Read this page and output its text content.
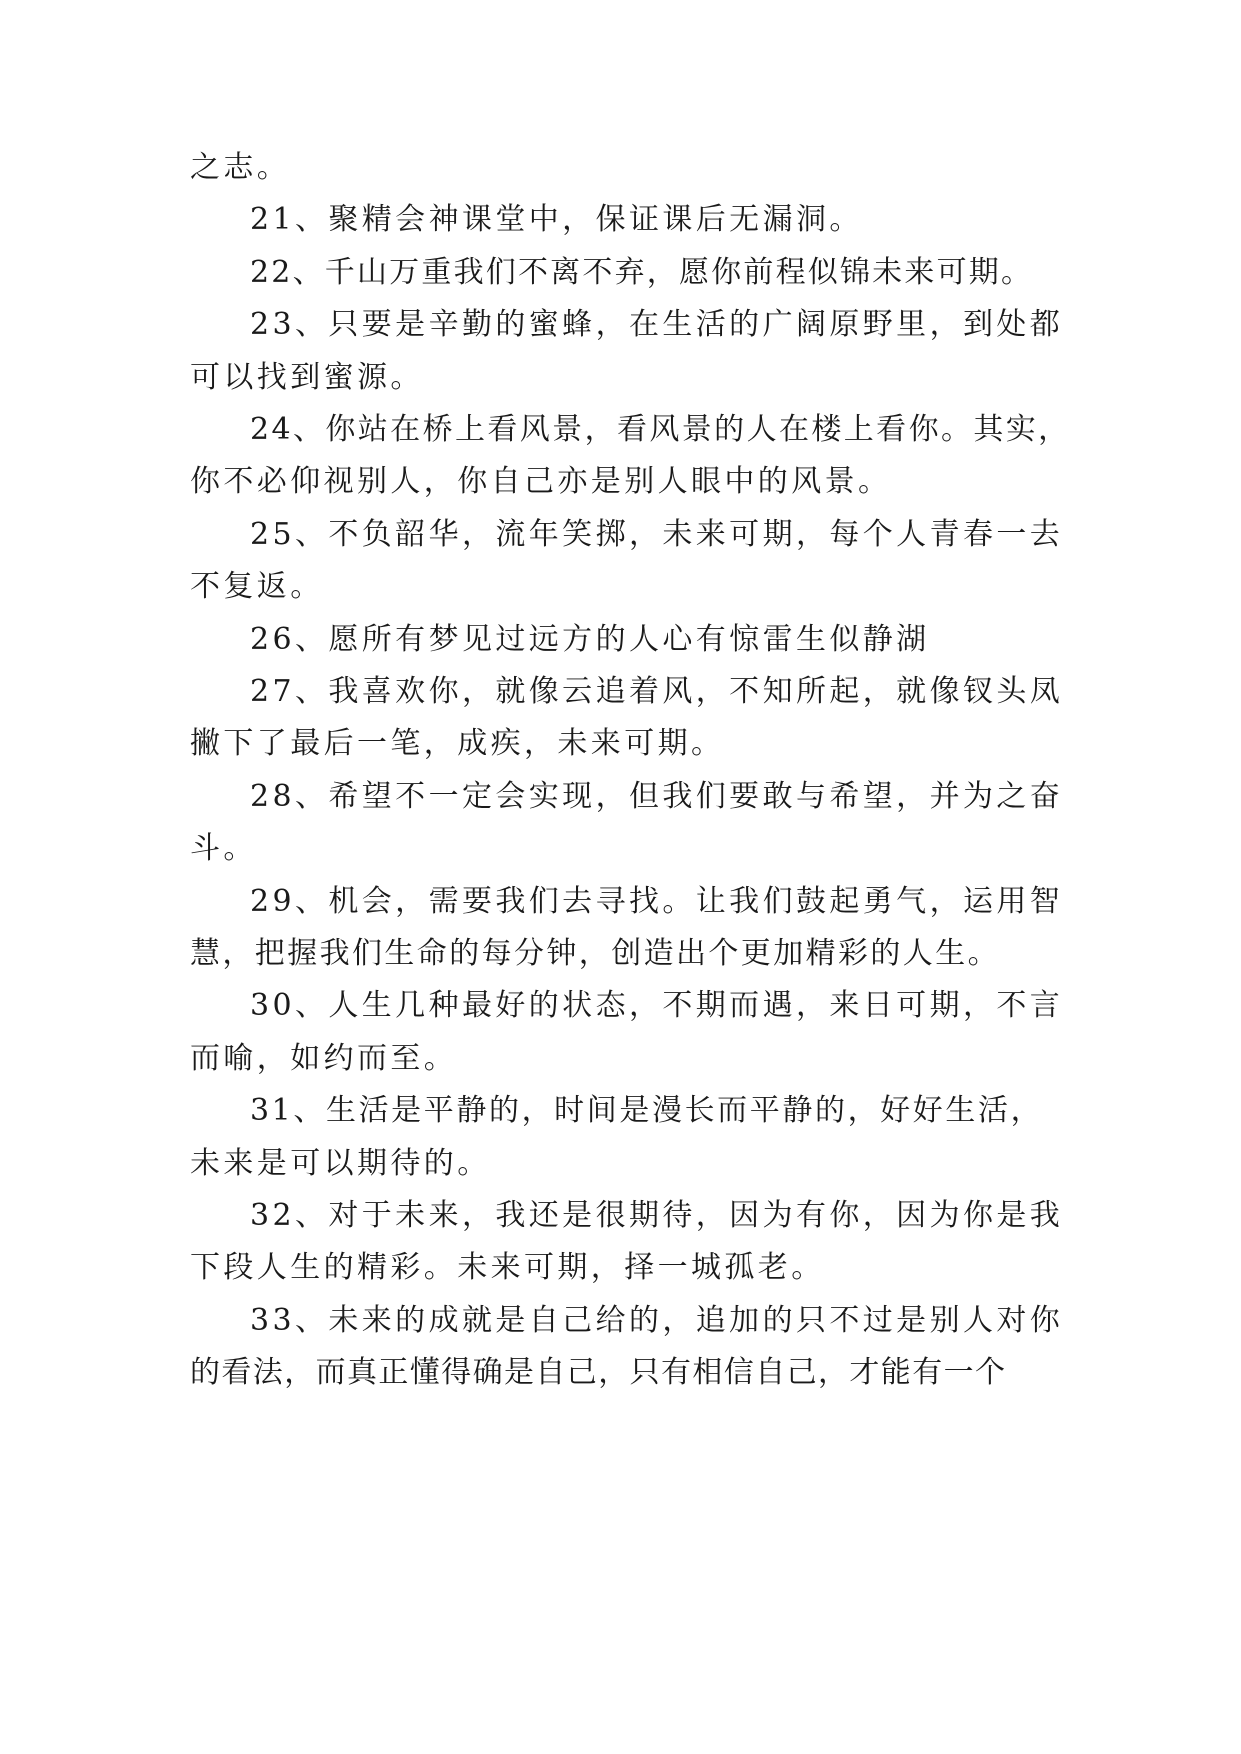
之志。
21、聚精会神课堂中，保证课后无漏洞。
22、千山万重我们不离不弃，愿你前程似锦未来可期。
23、只要是辛勤的蜜蜂，在生活的广阔原野里，到处都
可以找到蜜源。
24、你站在桥上看风景，看风景的人在楼上看你。其实，
你不必仰视别人，你自己亦是别人眼中的风景。
25、不负韶华，流年笑掷，未来可期，每个人青春一去
不复返。
26、愿所有梦见过远方的人心有惊雷生似静湖
27、我喜欢你，就像云追着风，不知所起，就像钗头凤
撇下了最后一笔，成疾，未来可期。
28、希望不一定会实现，但我们要敢与希望，并为之奋
斗。
29、机会，需要我们去寻找。让我们鼓起勇气，运用智
慧，把握我们生命的每分钟，创造出个更加精彩的人生。
30、人生几种最好的状态，不期而遇，来日可期，不言
而喻，如约而至。
31、生活是平静的，时间是漫长而平静的，好好生活，
未来是可以期待的。
32、对于未来，我还是很期待，因为有你，因为你是我
下段人生的精彩。未来可期，择一城孤老。
33、未来的成就是自己给的，追加的只不过是别人对你
的看法，而真正懂得确是自己，只有相信自己，才能有一个
